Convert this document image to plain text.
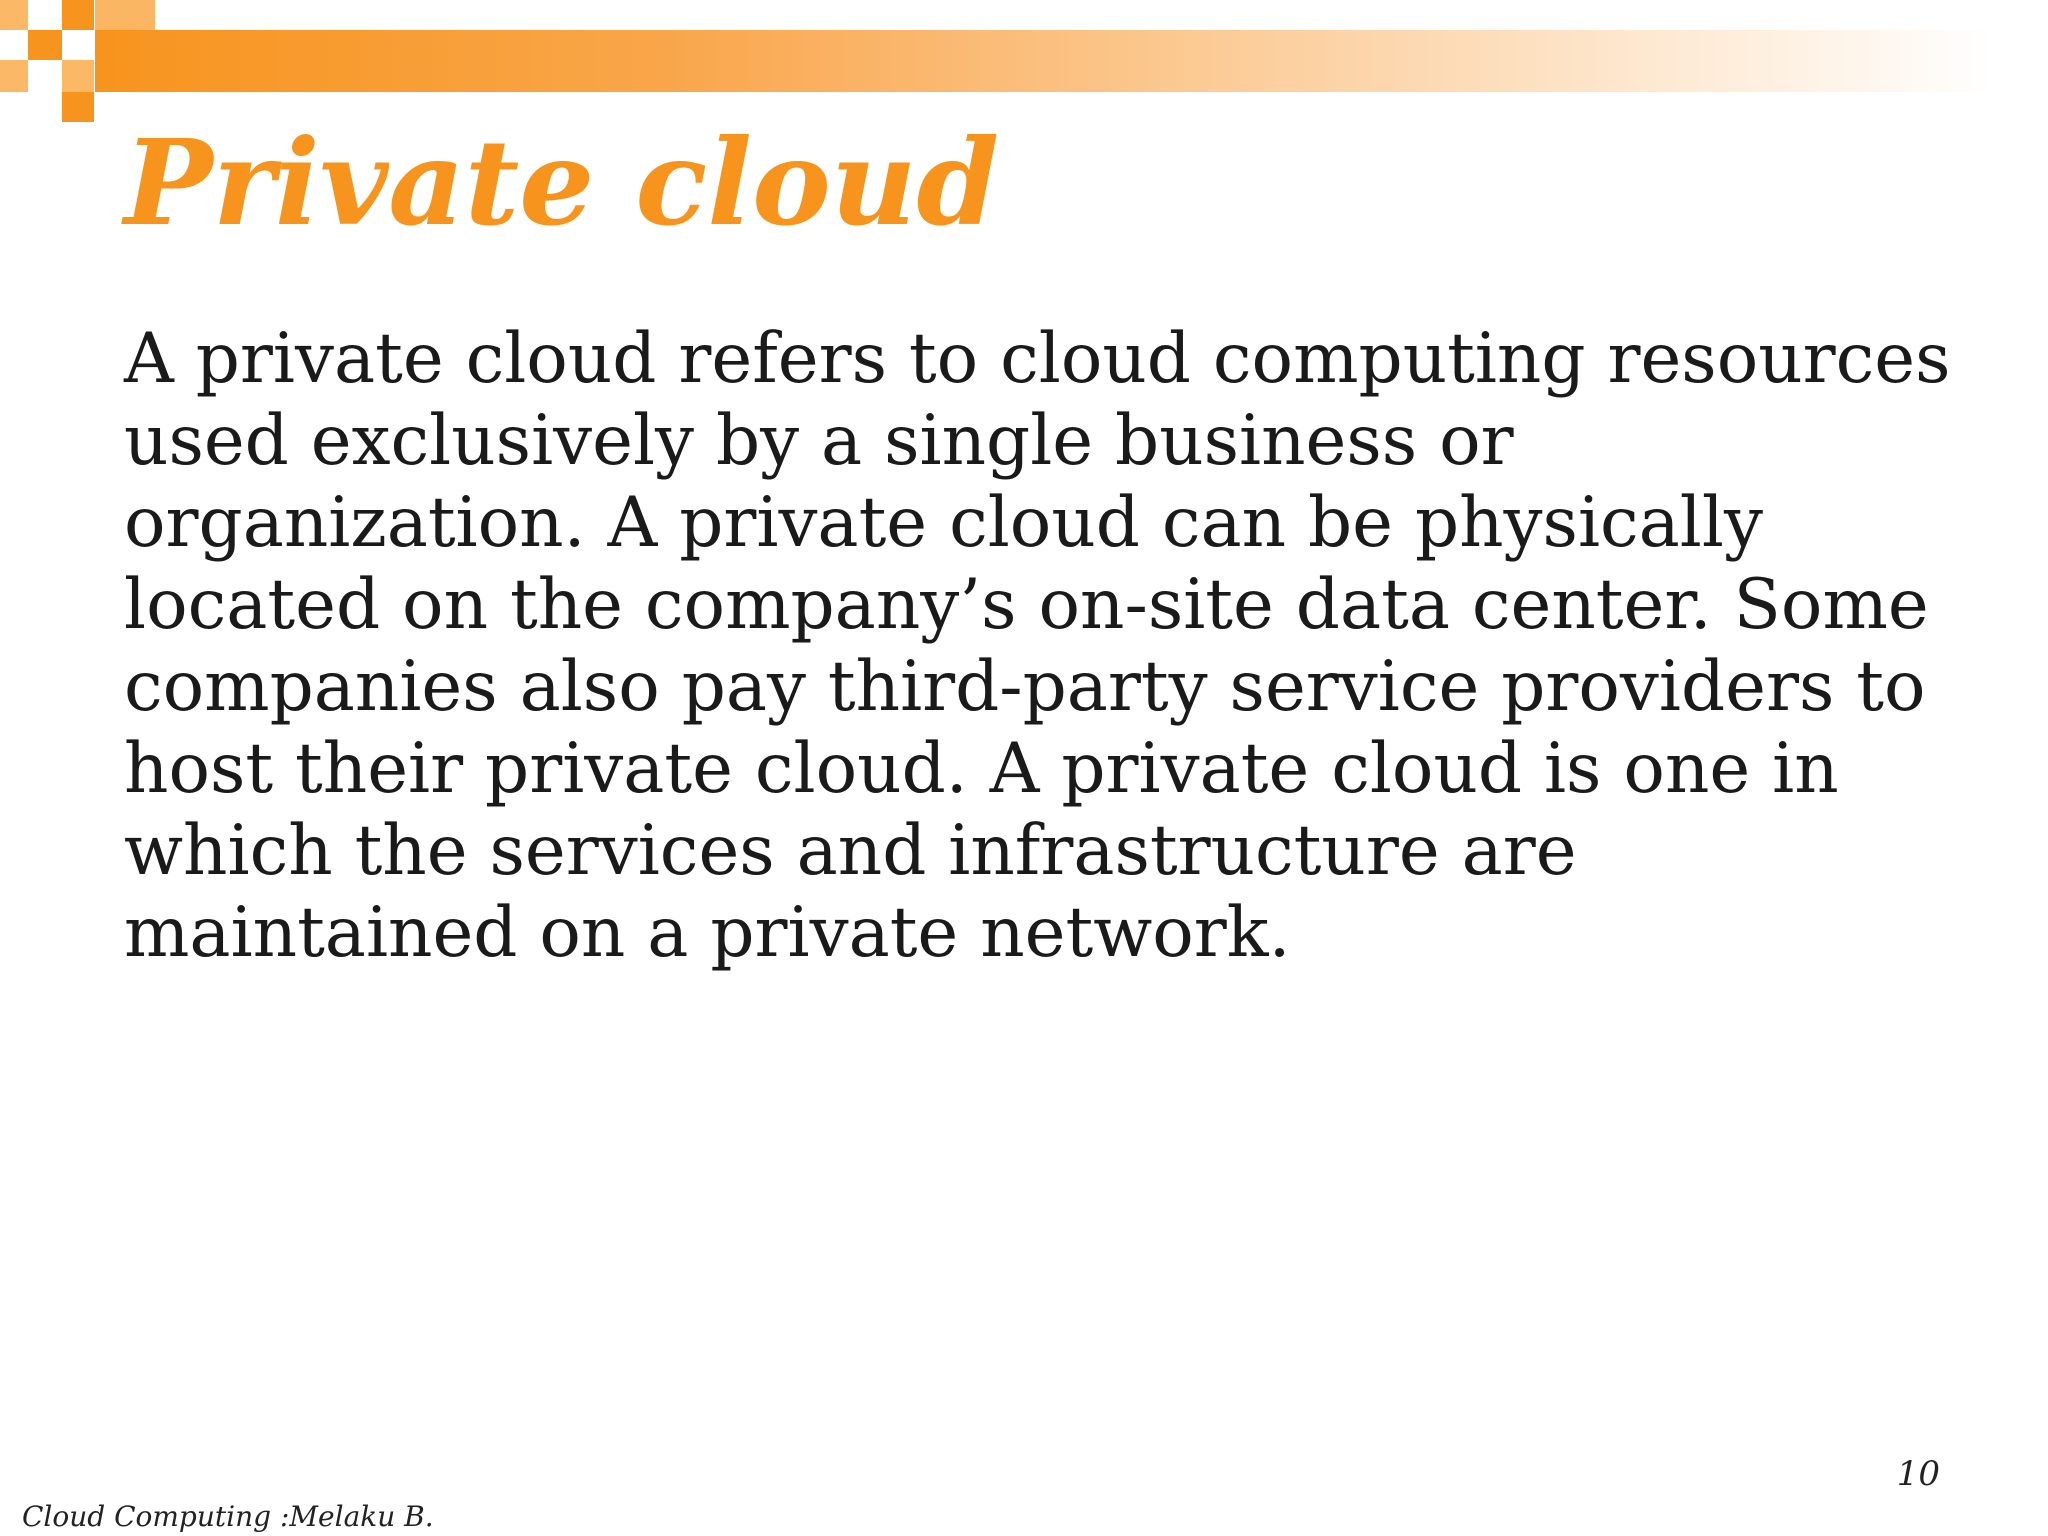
Private cloud

A private cloud refers to cloud computing resources used exclusively by a single business or organization. A private cloud can be physically located on the company’s on-site data center. Some companies also pay third-party service providers to host their private cloud. A private cloud is one in which the services and infrastructure are maintained on a private network.

10
Cloud Computing :Melaku B.
